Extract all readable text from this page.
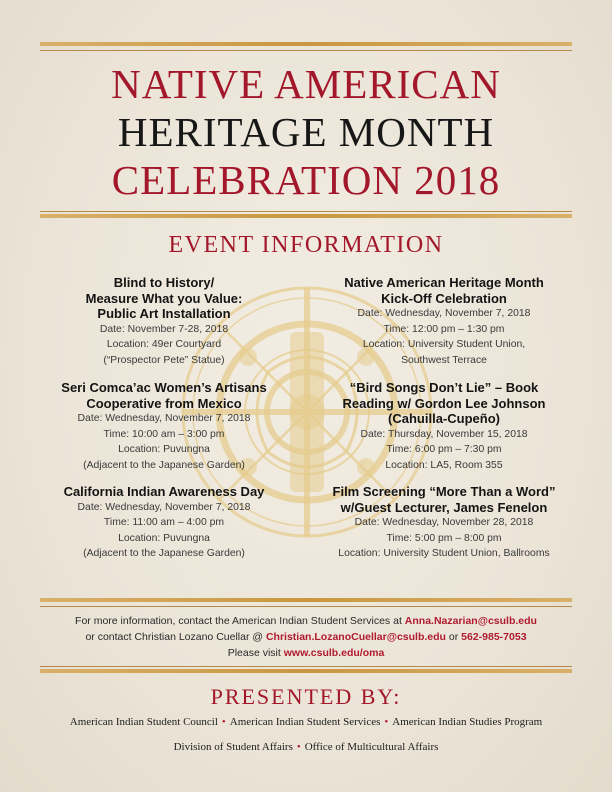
NATIVE AMERICAN
HERITAGE MONTH
CELEBRATION 2018
EVENT INFORMATION
Blind to History/
Measure What you Value:
Public Art Installation
Date: November 7-28, 2018
Location: 49er Courtyard
(“Prospector Pete” Statue)
Seri Comca’ac Women’s Artisans
Cooperative from Mexico
Date: Wednesday, November 7, 2018
Time: 10:00 am – 3:00 pm
Location: Puvungna
(Adjacent to the Japanese Garden)
California Indian Awareness Day
Date: Wednesday, November 7, 2018
Time: 11:00 am – 4:00 pm
Location: Puvungna
(Adjacent to the Japanese Garden)
Native American Heritage Month
Kick-Off Celebration
Date: Wednesday, November 7, 2018
Time: 12:00 pm – 1:30 pm
Location: University Student Union,
Southwest Terrace
“Bird Songs Don’t Lie” – Book
Reading w/ Gordon Lee Johnson
(Cahuilla-Cupeño)
Date: Thursday, November 15, 2018
Time: 6:00 pm – 7:30 pm
Location: LA5, Room 355
Film Screening “More Than a Word”
w/Guest Lecturer, James Fenelon
Date: Wednesday, November 28, 2018
Time: 5:00 pm – 8:00 pm
Location: University Student Union, Ballrooms
For more information, contact the American Indian Student Services at Anna.Nazarian@csulb.edu
or contact Christian Lozano Cuellar @ Christian.LozanoCuellar@csulb.edu or 562-985-7053
Please visit www.csulb.edu/oma
PRESENTED BY:
American Indian Student Council • American Indian Student Services • American Indian Studies Program
Division of Student Affairs • Office of Multicultural Affairs
